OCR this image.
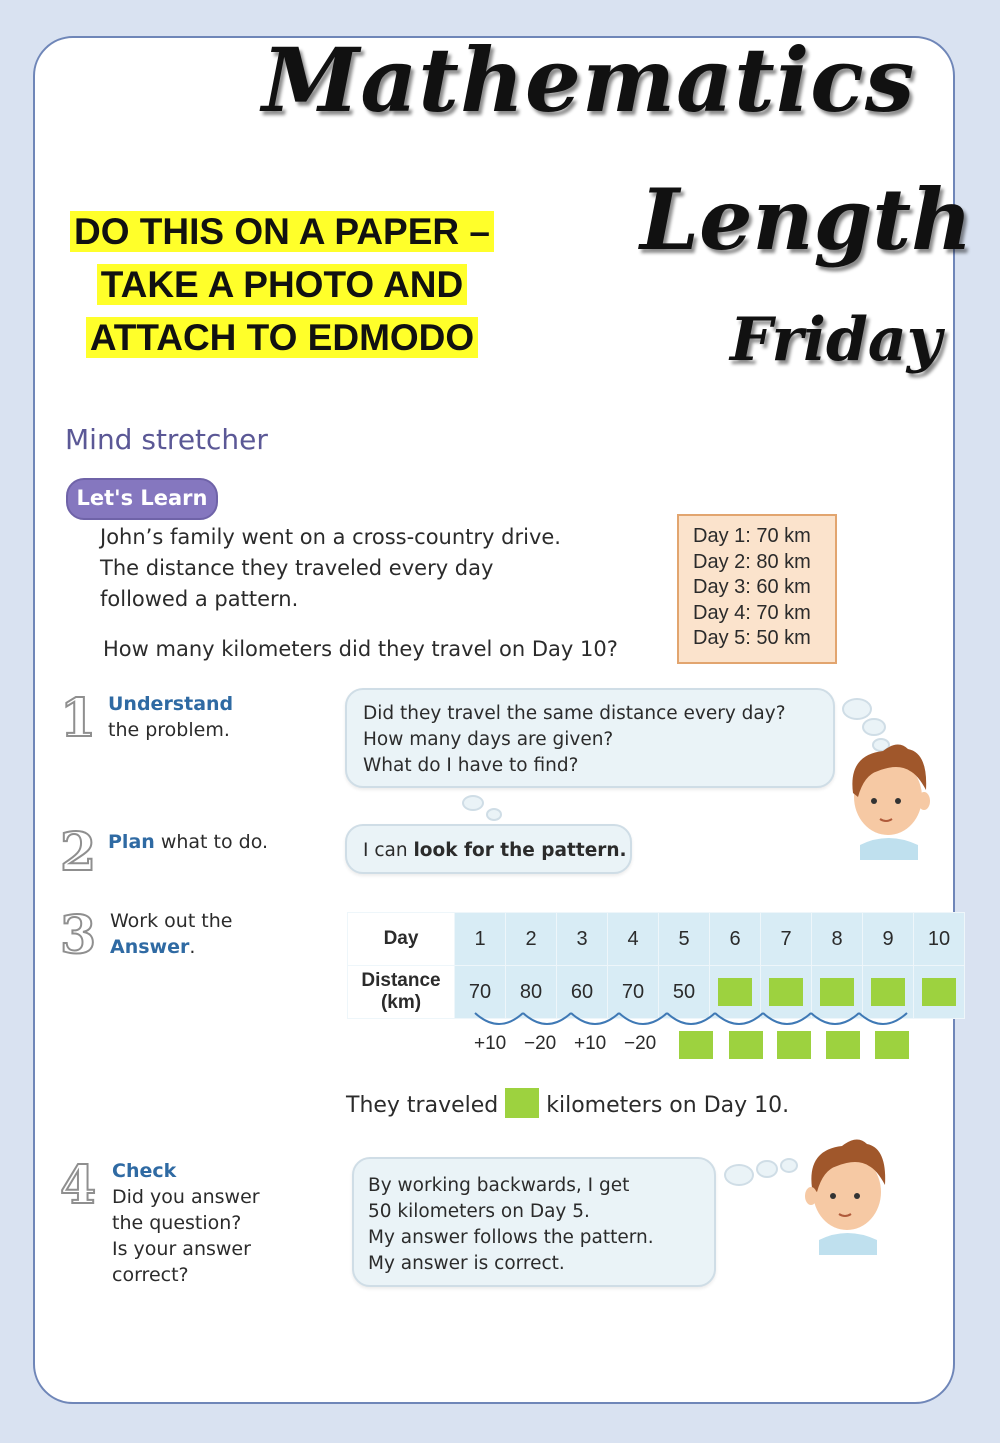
Mathematics
Length
Friday
DO THIS ON A PAPER –
TAKE A PHOTO AND
ATTACH TO EDMODO
Mind stretcher
Let's Learn
John’s family went on a cross-country drive.
The distance they traveled every day
followed a pattern.
How many kilometers did they travel on Day 10?
Day 1: 70 km
Day 2: 80 km
Day 3: 60 km
Day 4: 70 km
Day 5: 50 km
1 Understand
the problem.
Did they travel the same distance every day?
How many days are given?
What do I have to find?
2 Plan what to do.	I can look for the pattern.
3 Work out the
Answer.	Day	1	2	3	4	5	6	7	8	9	10

Distance
(km)	70	80	60	70	50					
+10 −20 +10 −20
They traveled  kilometers on Day 10.
4 Check
Did you answer
the question?
Is your answer
correct?
By working backwards, I get
50 kilometers on Day 5.
My answer follows the pattern.
My answer is correct.
